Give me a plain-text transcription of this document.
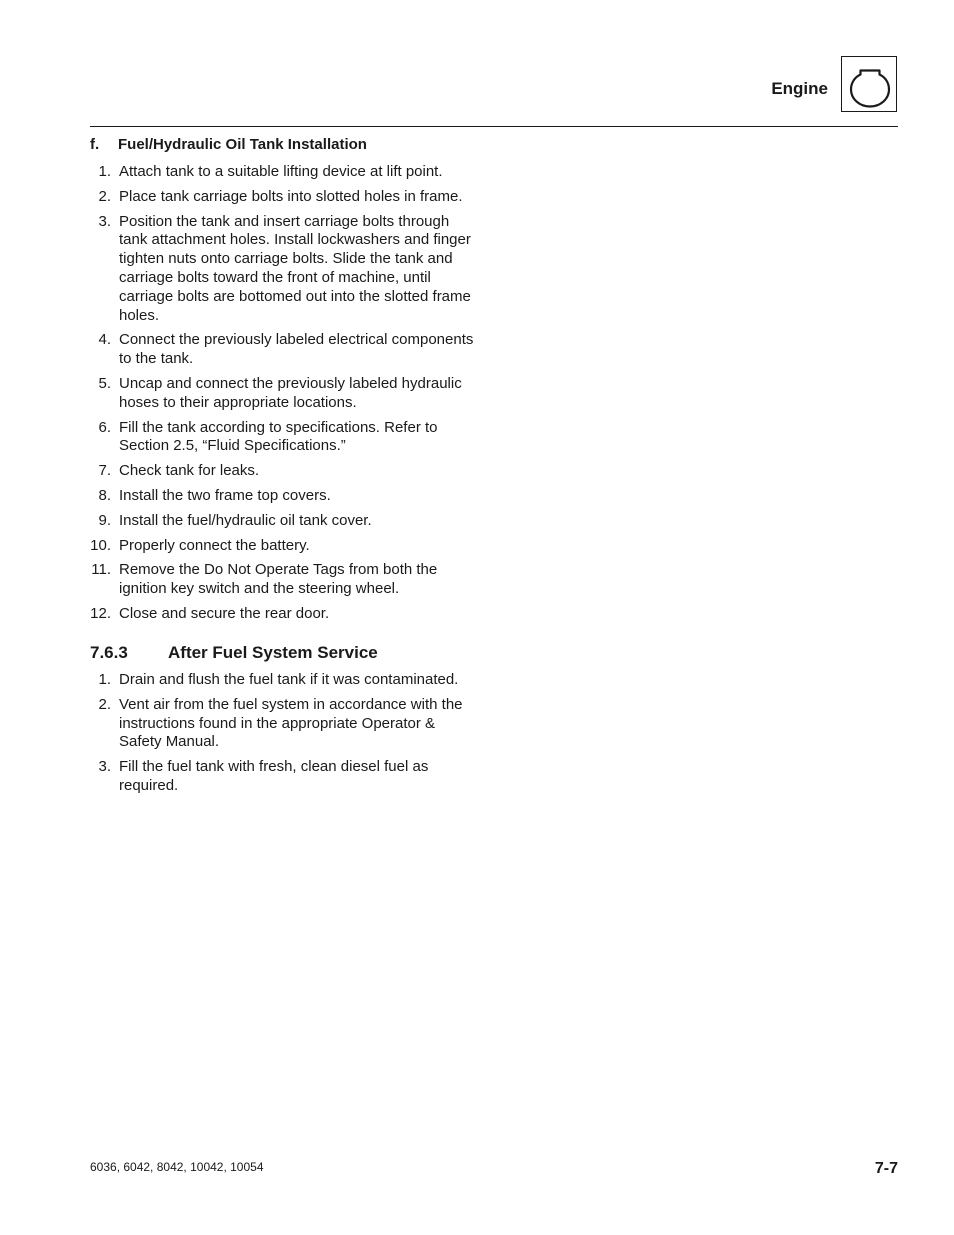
Engine
f. Fuel/Hydraulic Oil Tank Installation
1. Attach tank to a suitable lifting device at lift point.
2. Place tank carriage bolts into slotted holes in frame.
3. Position the tank and insert carriage bolts through tank attachment holes. Install lockwashers and finger tighten nuts onto carriage bolts. Slide the tank and carriage bolts toward the front of machine, until carriage bolts are bottomed out into the slotted frame holes.
4. Connect the previously labeled electrical components to the tank.
5. Uncap and connect the previously labeled hydraulic hoses to their appropriate locations.
6. Fill the tank according to specifications. Refer to Section 2.5, “Fluid Specifications.”
7. Check tank for leaks.
8. Install the two frame top covers.
9. Install the fuel/hydraulic oil tank cover.
10. Properly connect the battery.
11. Remove the Do Not Operate Tags from both the ignition key switch and the steering wheel.
12. Close and secure the rear door.
7.6.3 After Fuel System Service
1. Drain and flush the fuel tank if it was contaminated.
2. Vent air from the fuel system in accordance with the instructions found in the appropriate Operator & Safety Manual.
3. Fill the fuel tank with fresh, clean diesel fuel as required.
6036, 6042, 8042, 10042, 10054	7-7
